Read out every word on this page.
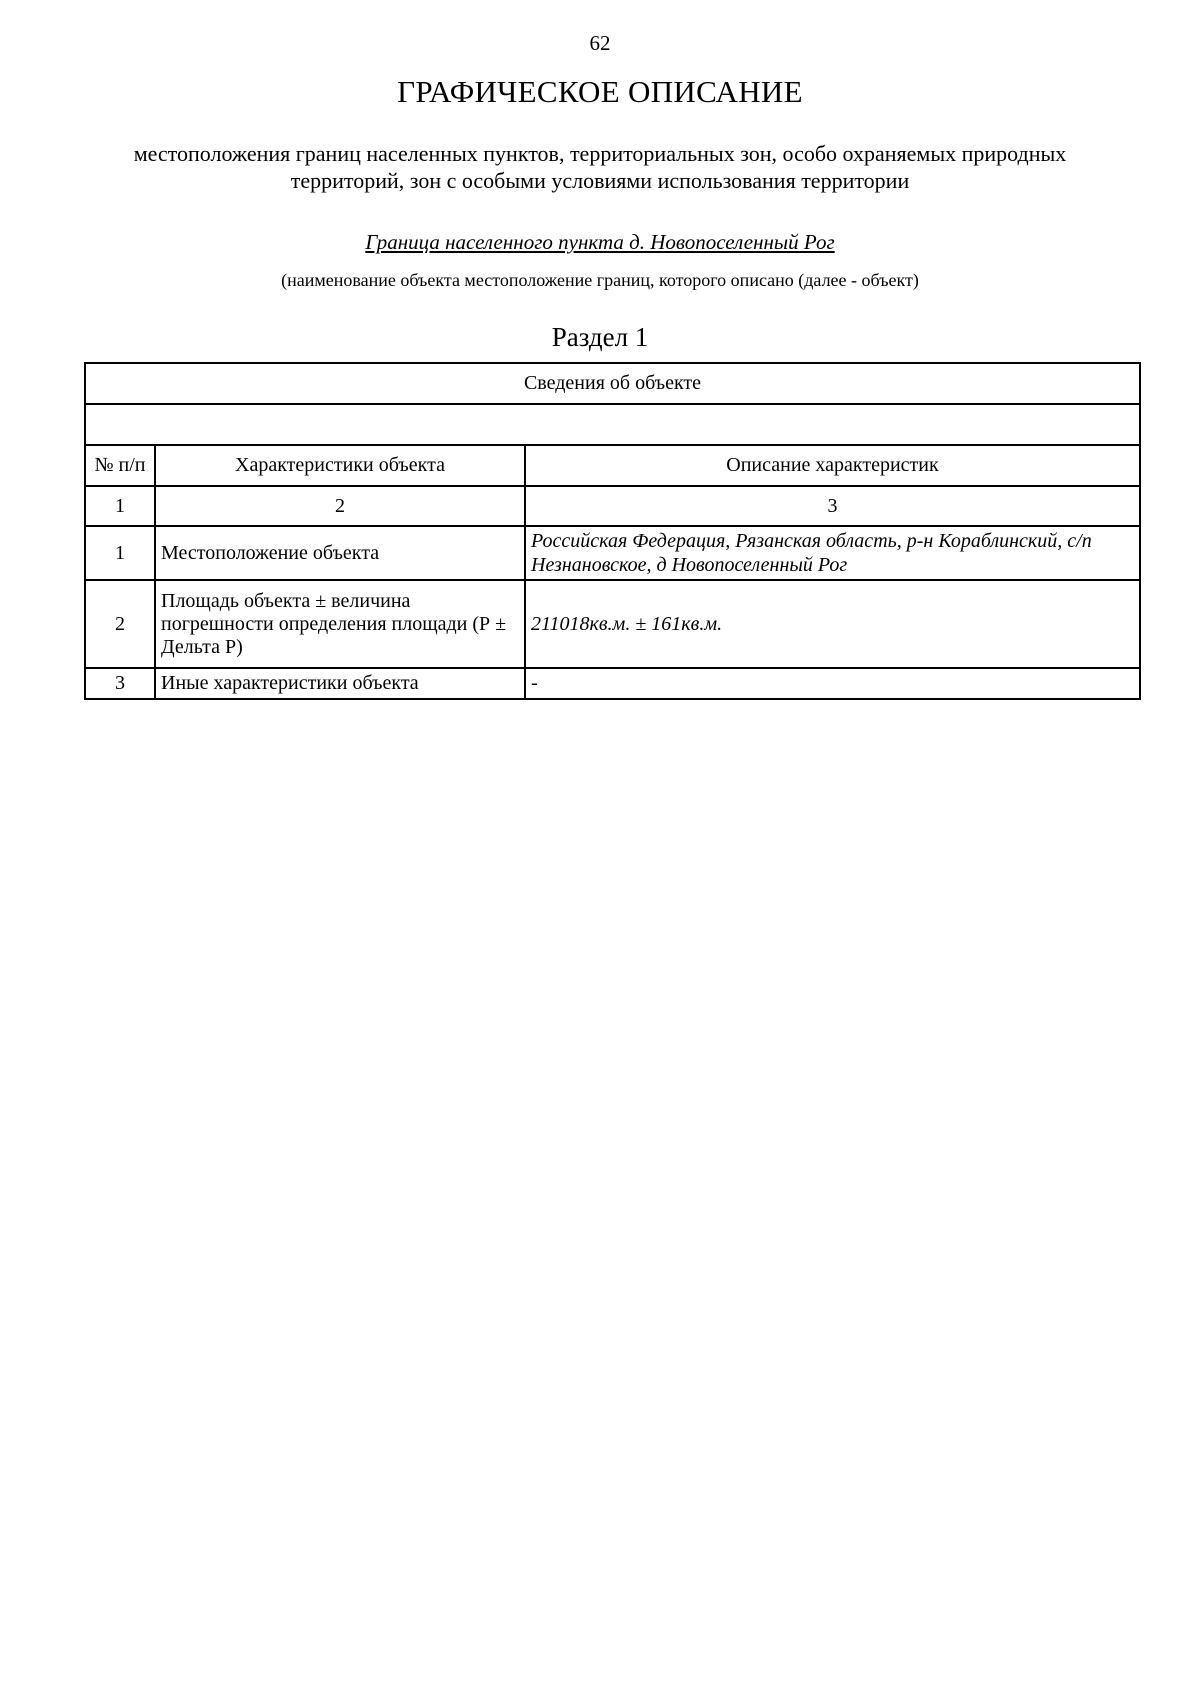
62
ГРАФИЧЕСКОЕ ОПИСАНИЕ
местоположения границ населенных пунктов, территориальных зон, особо охраняемых природных территорий, зон с особыми условиями использования территории
Граница населенного пункта д. Новопоселенный Рог
(наименование объекта местоположение границ, которого описано (далее - объект)
Раздел 1
Сведения об объекте		

№ п/п	Характеристики объекта	Описание характеристик
1	2	3
1	Местоположение объекта	Российская Федерация, Рязанская область, р-н Кораблинский, с/п Незнановское, д Новопоселенный Рог
2	Площадь объекта ± величина погрешности определения площади (Р ± Дельта Р)	211018кв.м. ± 161кв.м.
3	Иные характеристики объекта	-
